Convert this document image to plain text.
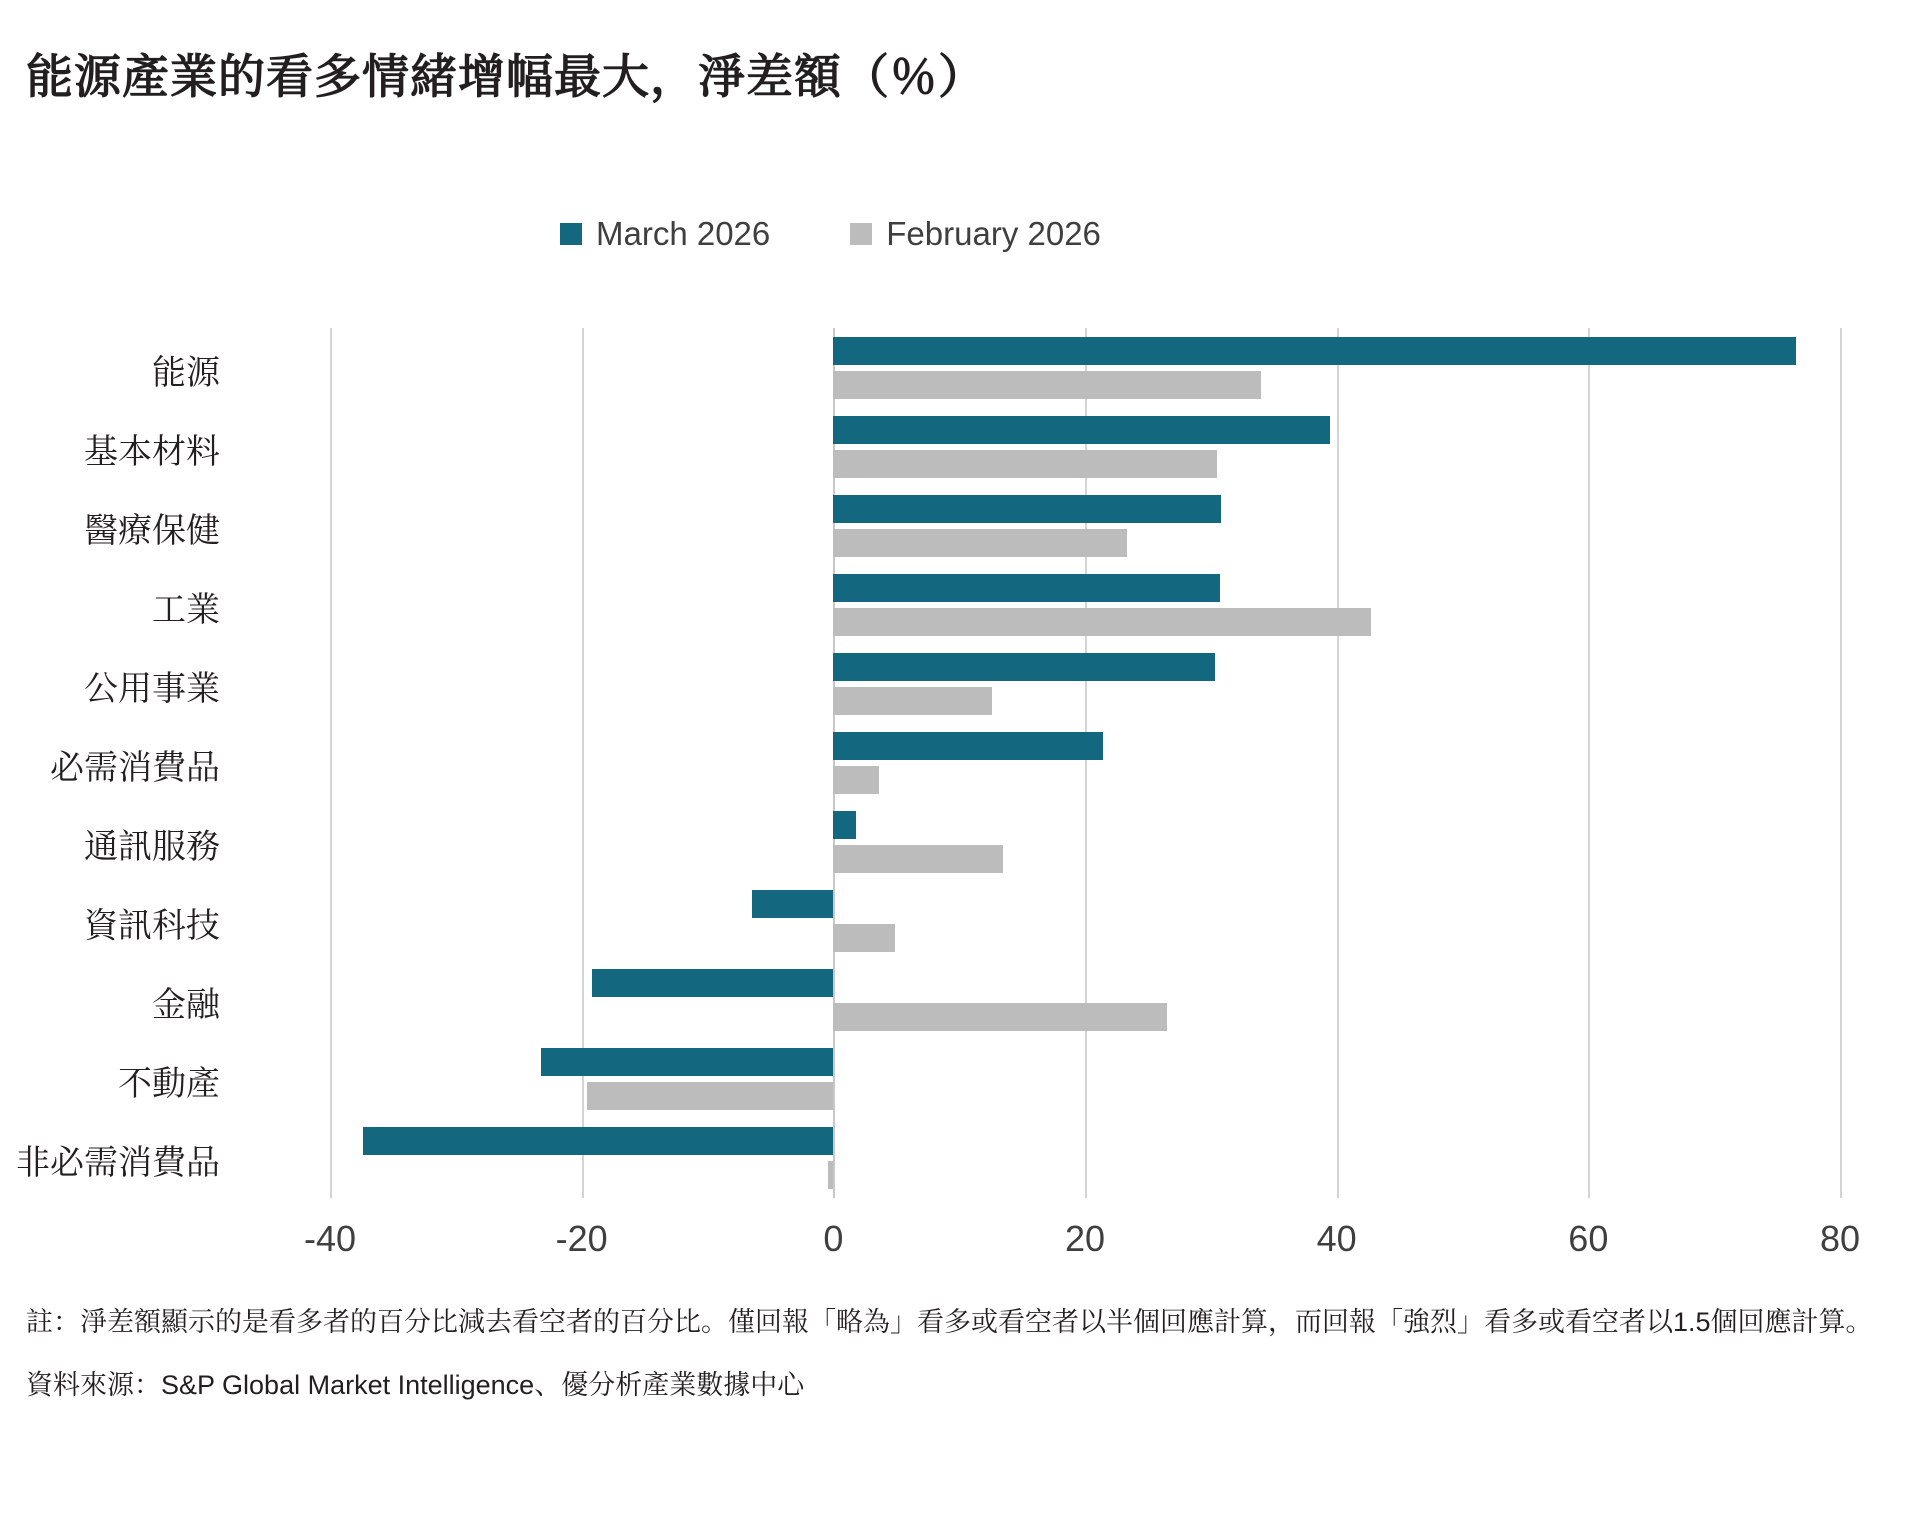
能源產業的看多情緒增幅最大，淨差額（％）
March 2026	February 2026
-40	-20	0	20	40	60	80
能源
基本材料
醫療保健
工業
公用事業
必需消費品
通訊服務
資訊科技
金融
不動產
非必需消費品
註：淨差額顯示的是看多者的百分比減去看空者的百分比。僅回報「略為」看多或看空者以半個回應計算，而回報「強烈」看多或看空者以1.5個回應計算。
資料來源：S&P Global Market Intelligence、優分析產業數據中心
